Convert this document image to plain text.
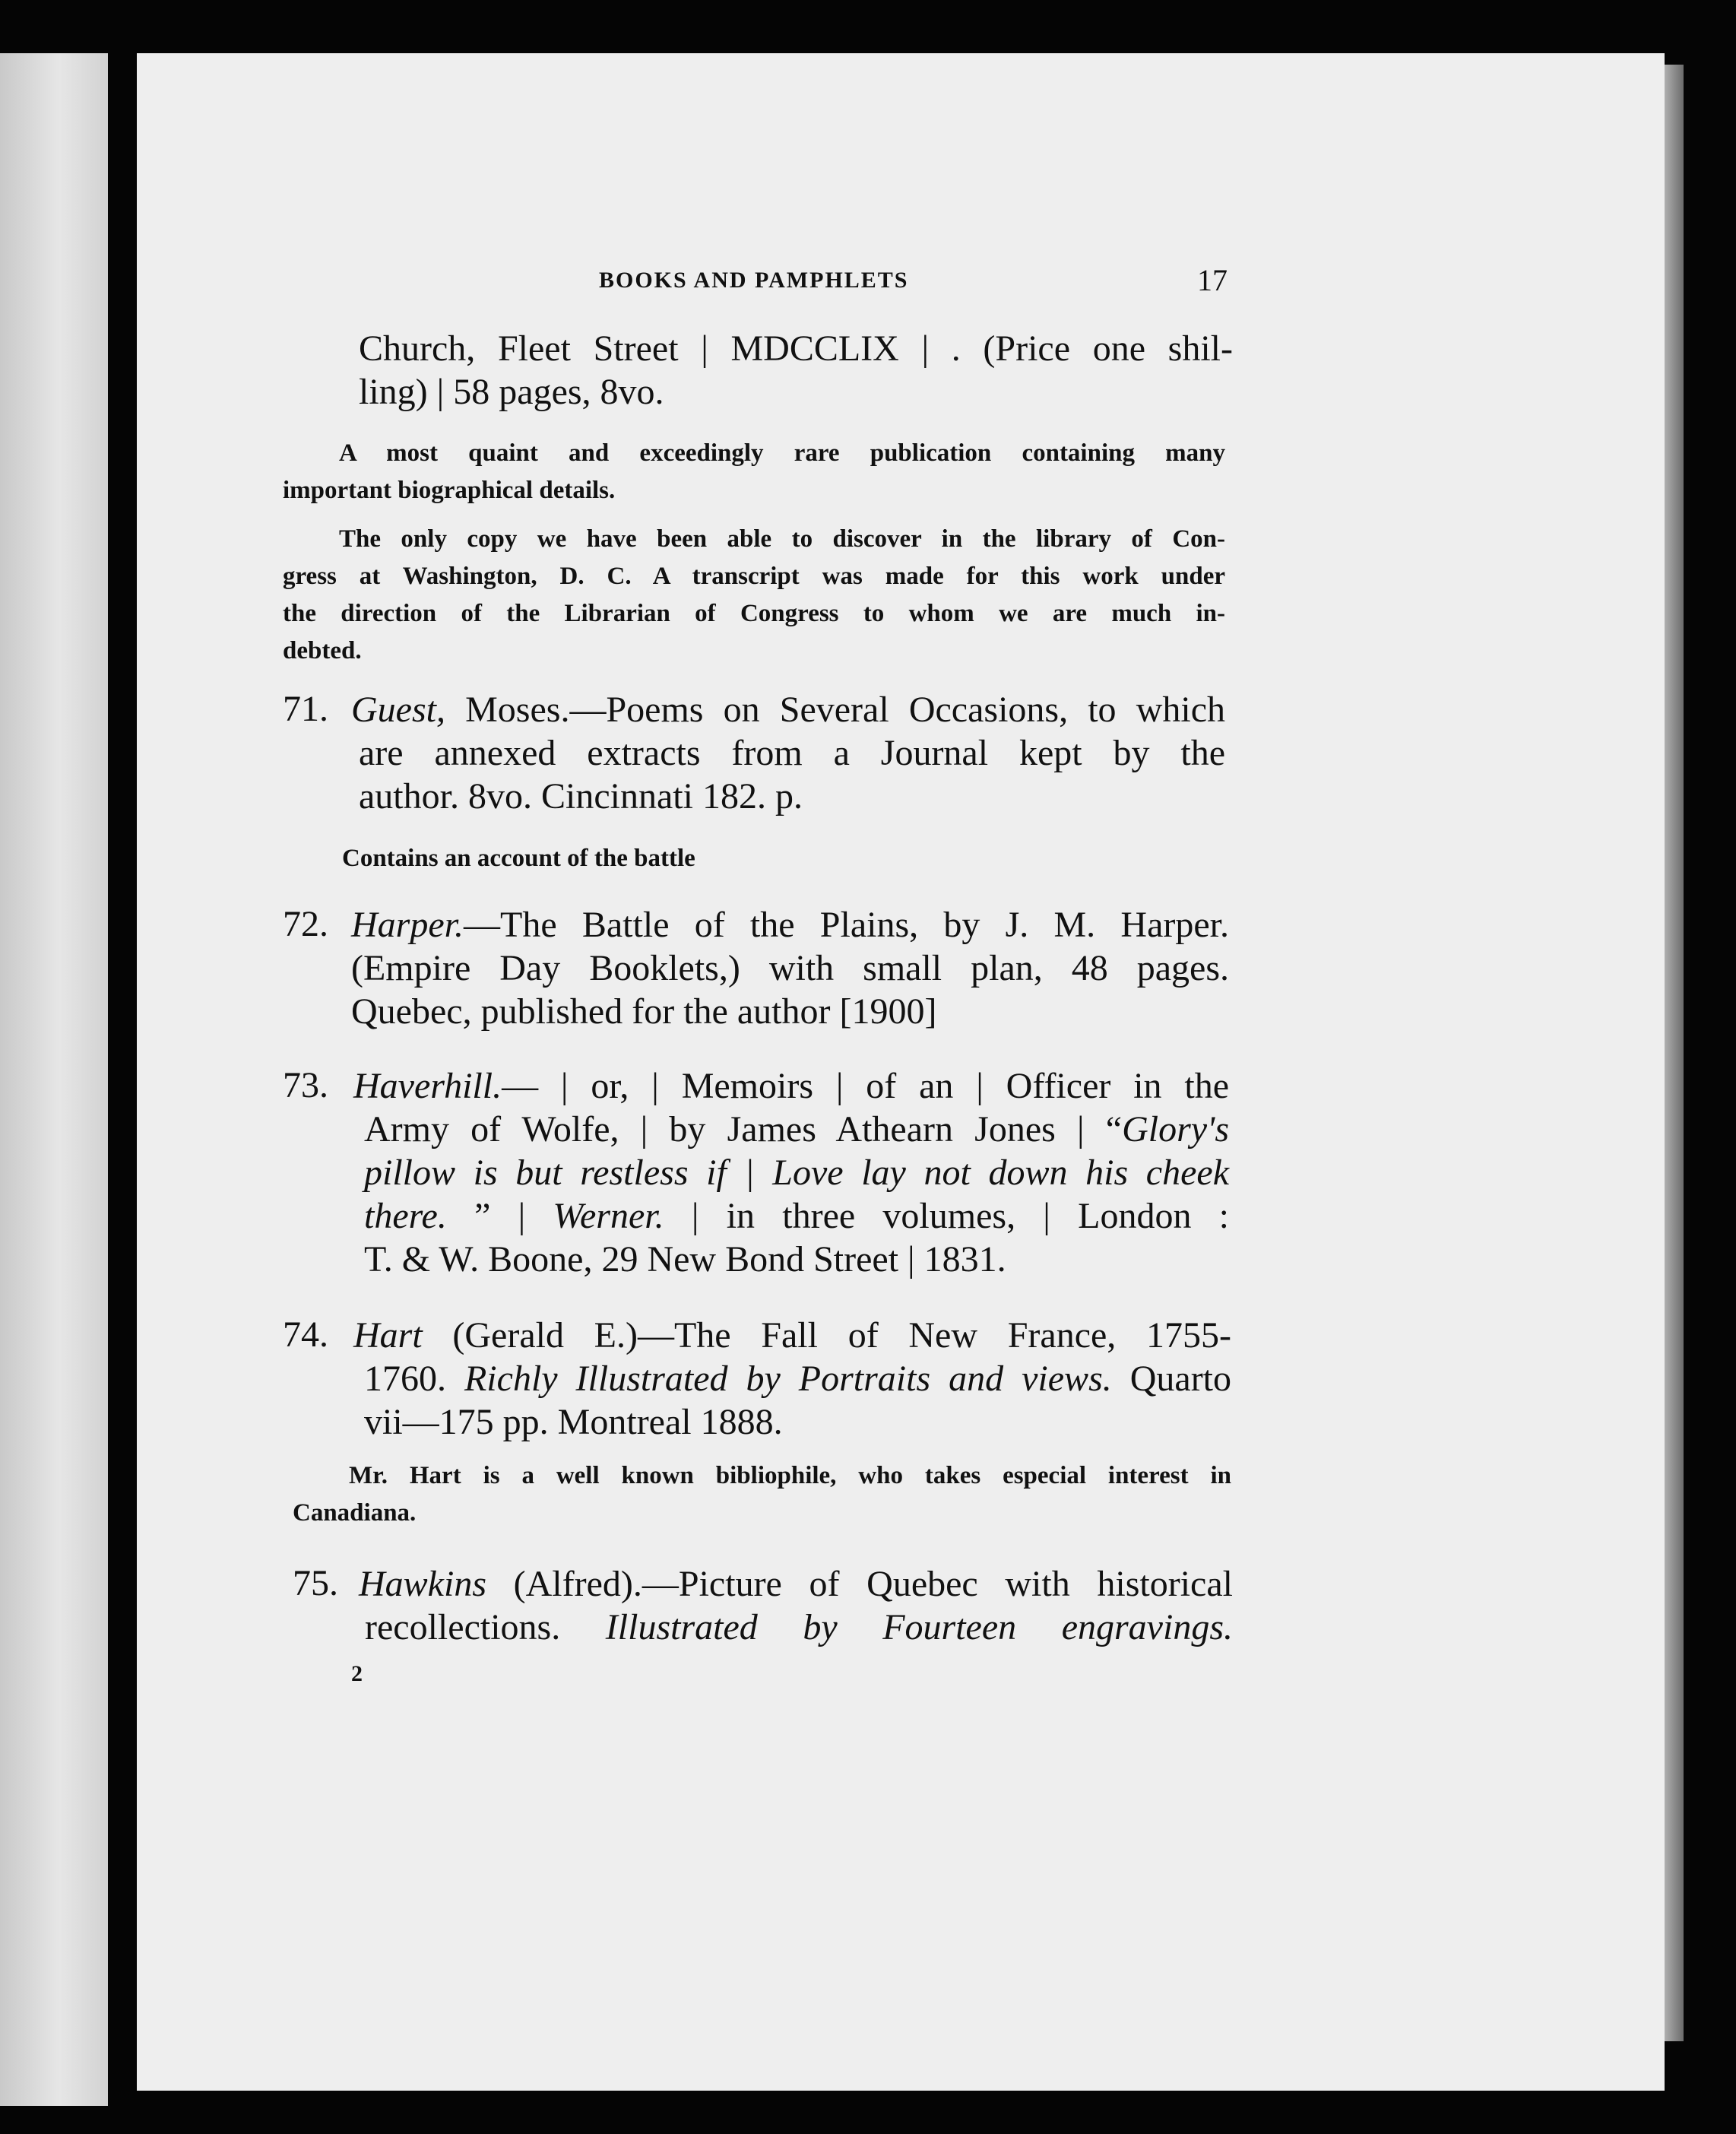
BOOKS AND PAMPHLETS	17
Church, Fleet Street | MDCCLIX | . (Price one shil-
ling) | 58 pages, 8vo.
A most quaint and exceedingly rare publication containing many
important biographical details.
The only copy we have been able to discover in the library of Con-
gress at Washington, D. C. A transcript was made for this work under
the direction of the Librarian of Congress to whom we are much in-
debted.
71. Guest, Moses.—Poems on Several Occasions, to which
are annexed extracts from a Journal kept by the
author. 8vo. Cincinnati 182. p.
Contains an account of the battle
72. Harper.—The Battle of the Plains, by J. M. Harper.
(Empire Day Booklets,) with small plan, 48 pages.
Quebec, published for the author [1900]
73. Haverhill.— | or, | Memoirs | of an | Officer in the
Army of Wolfe, | by James Athearn Jones | “Glory's
pillow is but restless if | Love lay not down his cheek
there. ” | Werner. | in three volumes, | London :
T. & W. Boone, 29 New Bond Street | 1831.
74. Hart (Gerald E.)—The Fall of New France, 1755-
1760. Richly Illustrated by Portraits and views. Quarto
vii—175 pp. Montreal 1888.
Mr. Hart is a well known bibliophile, who takes especial interest in
Canadiana.
75. Hawkins (Alfred).—Picture of Quebec with historical
recollections. Illustrated by Fourteen engravings.
2
